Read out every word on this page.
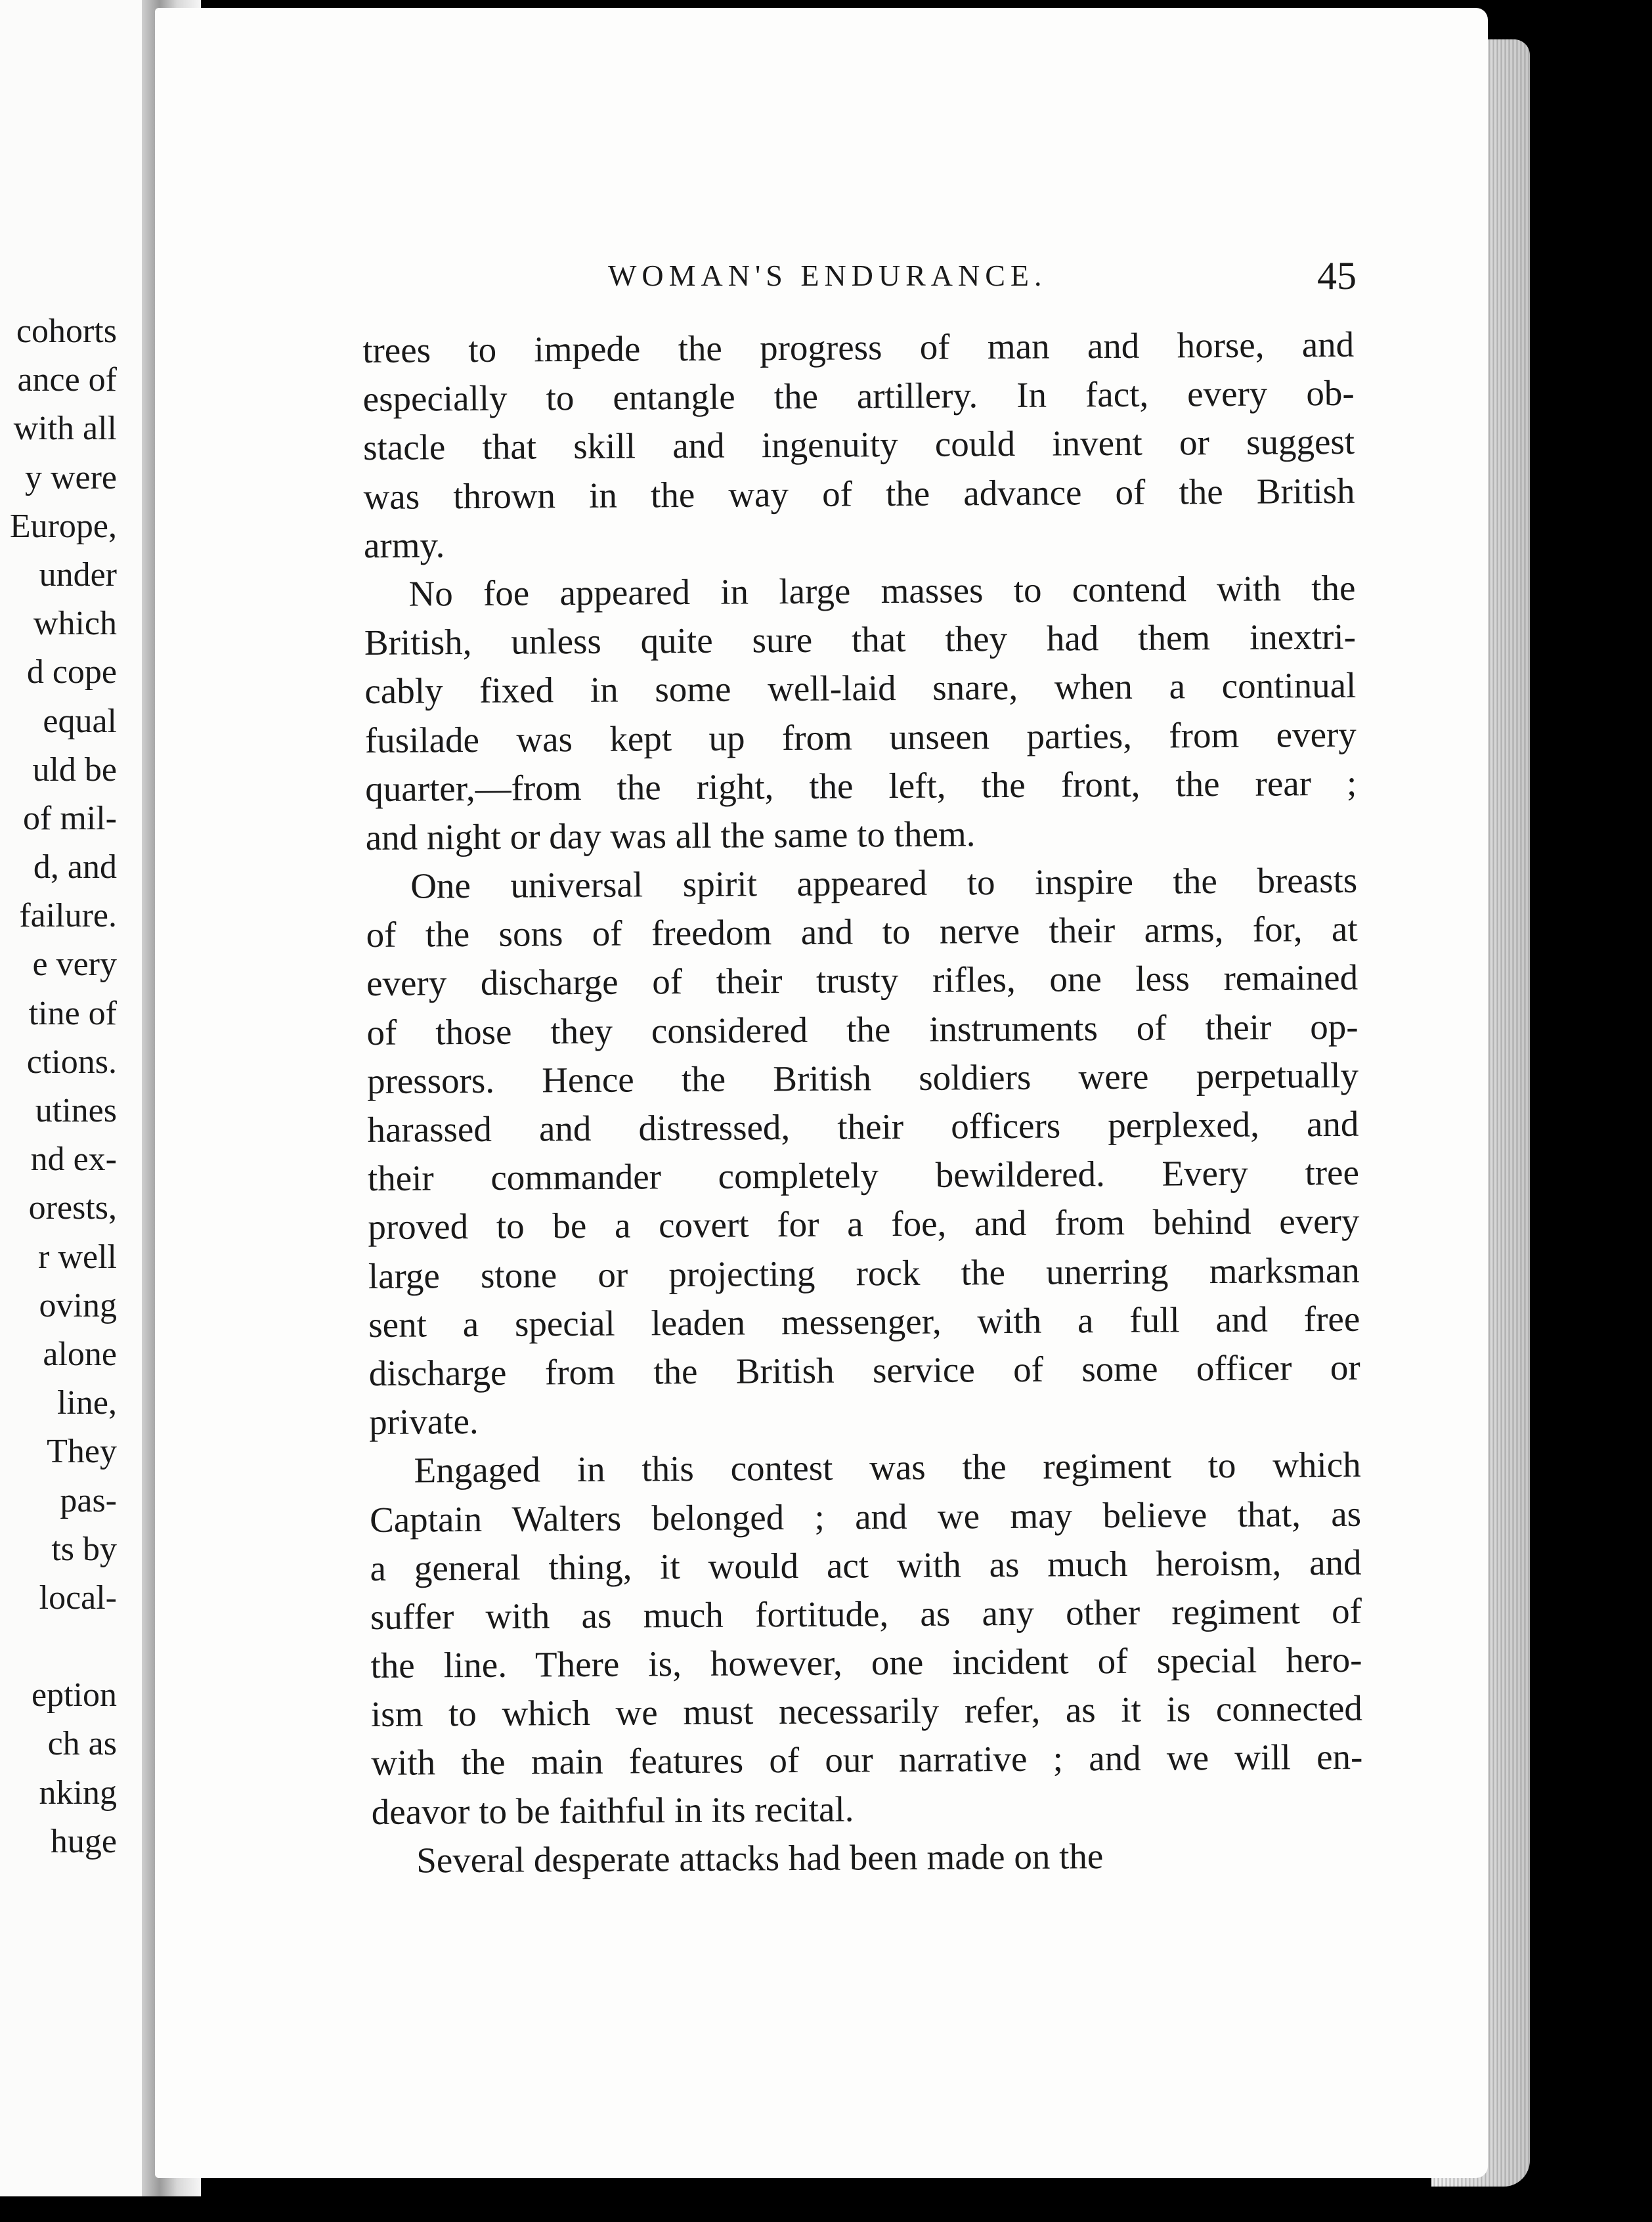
cohorts
ance of
with all
y were
Europe,
under
which
d cope
equal
uld be
of mil-
d, and
failure.
e very
tine of
ctions.
utines
nd ex-
orests,
r well
oving
alone
line,
They
pas-
ts by
local-
eption
ch as
nking
huge
WOMAN'S ENDURANCE.	45
trees to impede the progress of man and horse, and
especially to entangle the artillery. In fact, every ob-
stacle that skill and ingenuity could invent or suggest
was thrown in the way of the advance of the British
army.
No foe appeared in large masses to contend with the
British, unless quite sure that they had them inextri-
cably fixed in some well-laid snare, when a continual
fusilade was kept up from unseen parties, from every
quarter,—from the right, the left, the front, the rear ;
and night or day was all the same to them.
One universal spirit appeared to inspire the breasts
of the sons of freedom and to nerve their arms, for, at
every discharge of their trusty rifles, one less remained
of those they considered the instruments of their op-
pressors. Hence the British soldiers were perpetually
harassed and distressed, their officers perplexed, and
their commander completely bewildered. Every tree
proved to be a covert for a foe, and from behind every
large stone or projecting rock the unerring marksman
sent a special leaden messenger, with a full and free
discharge from the British service of some officer or
private.
Engaged in this contest was the regiment to which
Captain Walters belonged ; and we may believe that, as
a general thing, it would act with as much heroism, and
suffer with as much fortitude, as any other regiment of
the line. There is, however, one incident of special hero-
ism to which we must necessarily refer, as it is connected
with the main features of our narrative ; and we will en-
deavor to be faithful in its recital.
Several desperate attacks had been made on the
